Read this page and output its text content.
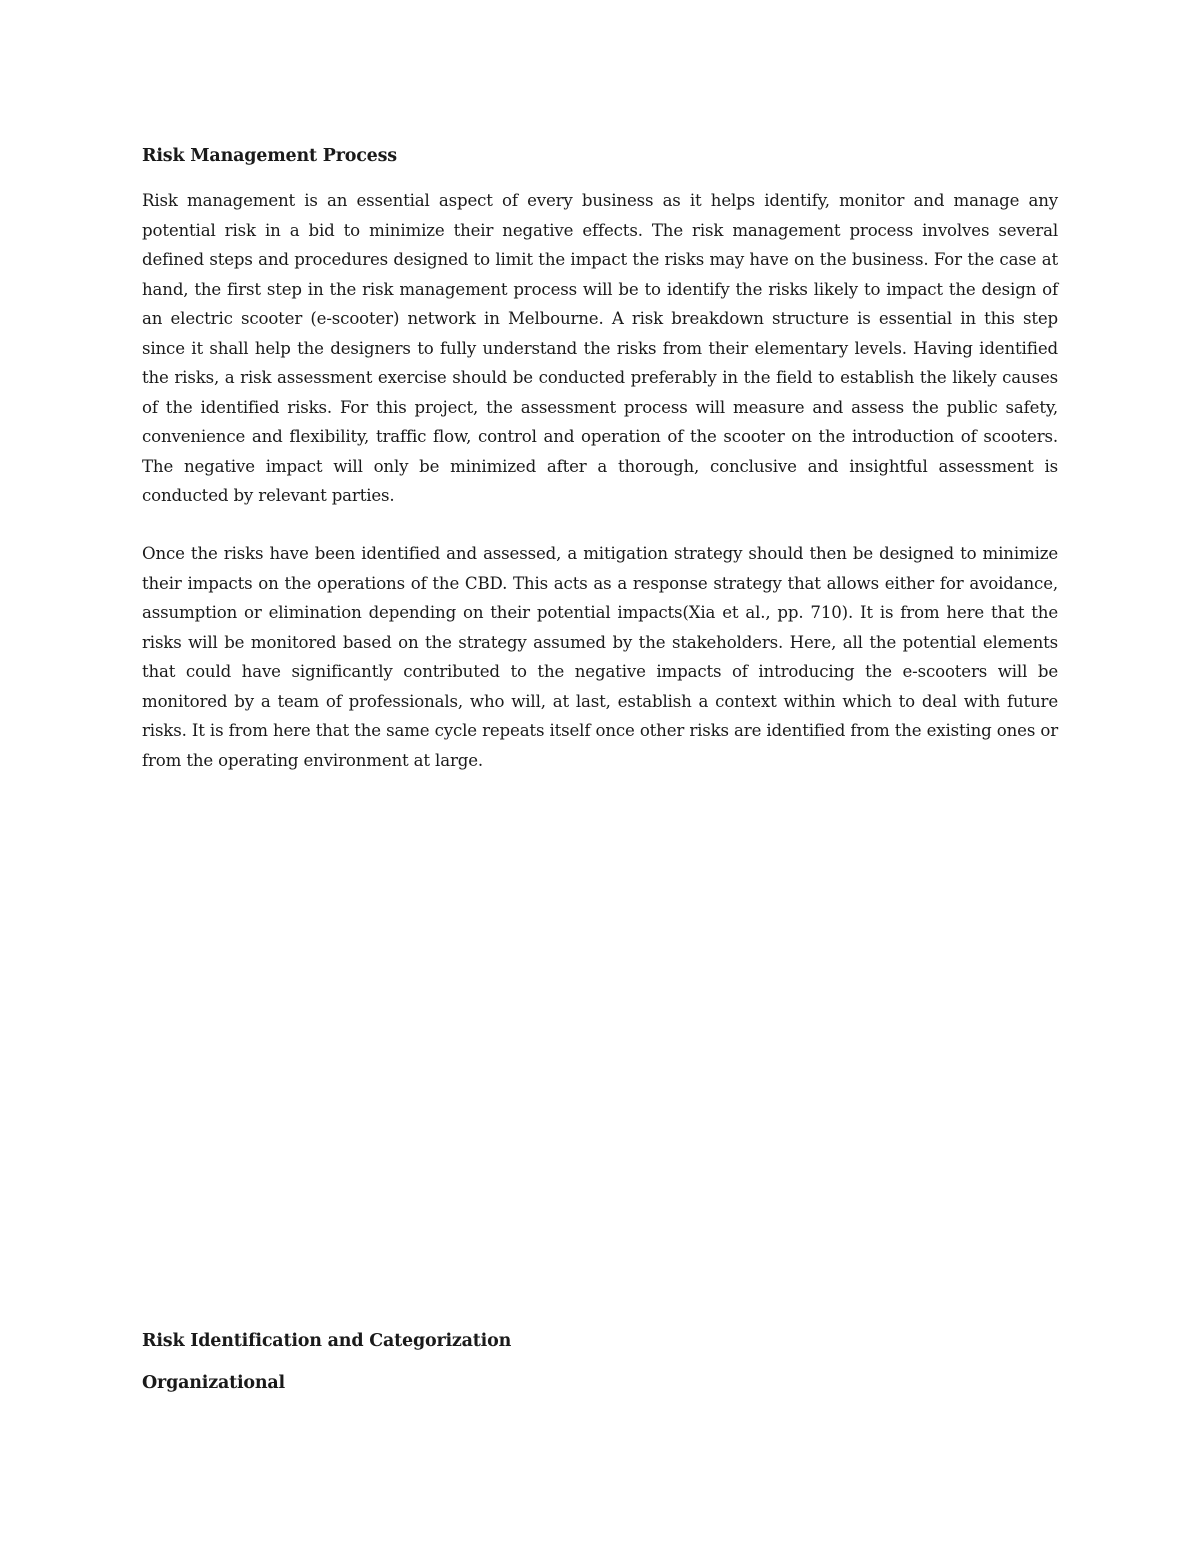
Risk Management Process

Risk management is an essential aspect of every business as it helps identify, monitor and manage any potential risk in a bid to minimize their negative effects. The risk management process involves several defined steps and procedures designed to limit the impact the risks may have on the business. For the case at hand, the first step in the risk management process will be to identify the risks likely to impact the design of an electric scooter (e-scooter) network in Melbourne. A risk breakdown structure is essential in this step since it shall help the designers to fully understand the risks from their elementary levels. Having identified the risks, a risk assessment exercise should be conducted preferably in the field to establish the likely causes of the identified risks. For this project, the assessment process will measure and assess the public safety, convenience and flexibility, traffic flow, control and operation of the scooter on the introduction of scooters. The negative impact will only be minimized after a thorough, conclusive and insightful assessment is conducted by relevant parties.

Once the risks have been identified and assessed, a mitigation strategy should then be designed to minimize their impacts on the operations of the CBD. This acts as a response strategy that allows either for avoidance, assumption or elimination depending on their potential impacts(Xia et al., pp. 710). It is from here that the risks will be monitored based on the strategy assumed by the stakeholders. Here, all the potential elements that could have significantly contributed to the negative impacts of introducing the e-scooters will be monitored by a team of professionals, who will, at last, establish a context within which to deal with future risks. It is from here that the same cycle repeats itself once other risks are identified from the existing ones or from the operating environment at large.

Risk Identification and Categorization
Organizational
